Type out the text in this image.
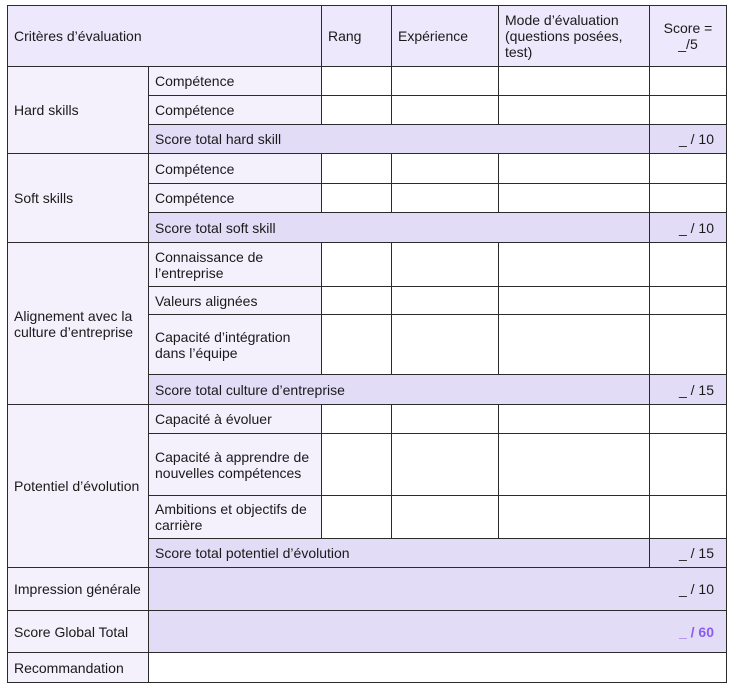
Critères d’évaluation		Rang	Expérience	Mode d’évaluation (questions posées, test)	Score = _/5
Hard skills	Compétence				
	Compétence				
	Score total hard skill				_ / 10
Soft skills	Compétence				
	Compétence				
	Score total soft skill				_ / 10
Alignement avec la culture d’entreprise	Connaissance de l’entreprise				
	Valeurs alignées				
	Capacité d’intégration dans l’équipe				
	Score total culture d’entreprise				_ / 15
Potentiel d’évolution	Capacité à évoluer				
	Capacité à apprendre de nouvelles compétences				
	Ambitions et objectifs de carrière				
	Score total potentiel d’évolution				_ / 15
Impression générale	_ / 10				
Score Global Total	_ / 60				
Recommandation					
